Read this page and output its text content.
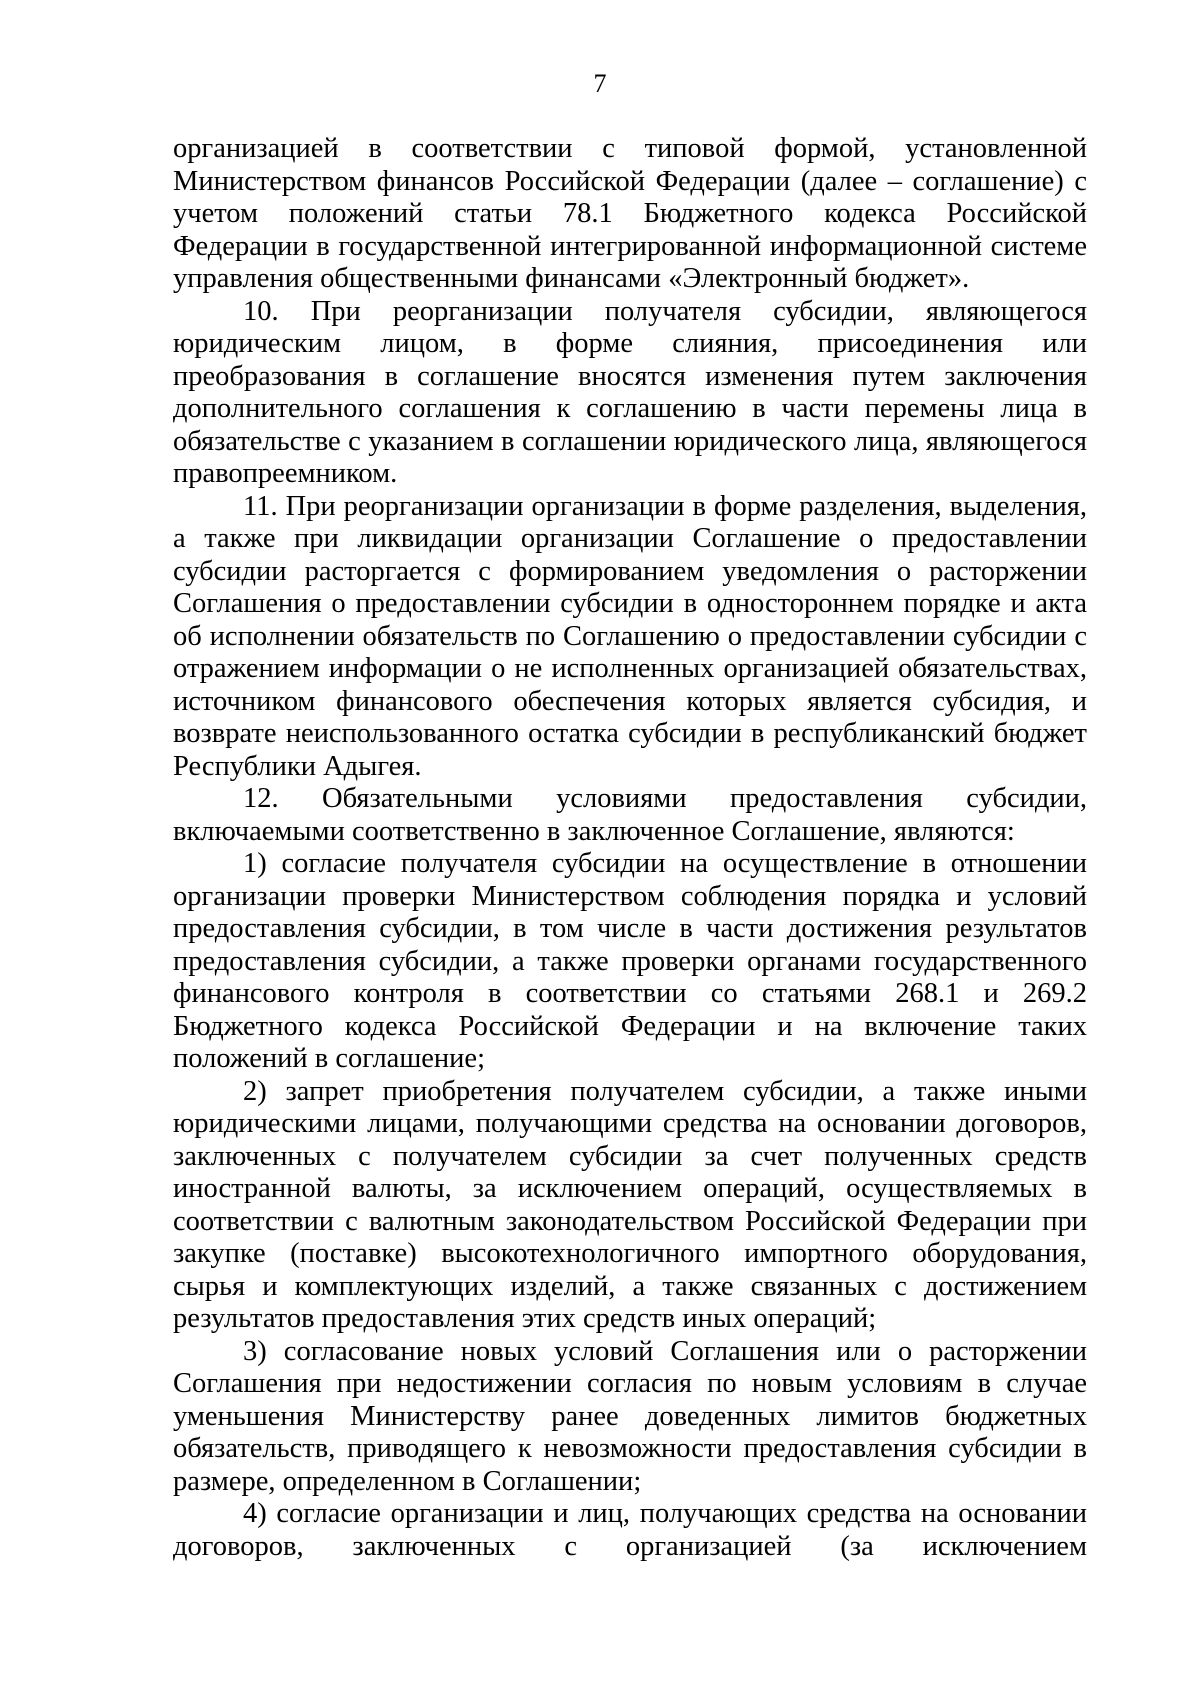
7

организацией в соответствии с типовой формой, установленной Министерством финансов Российской Федерации (далее – соглашение) с учетом положений статьи 78.1 Бюджетного кодекса Российской Федерации в государственной интегрированной информационной системе управления общественными финансами «Электронный бюджет».

10. При реорганизации получателя субсидии, являющегося юридическим лицом, в форме слияния, присоединения или преобразования в соглашение вносятся изменения путем заключения дополнительного соглашения к соглашению в части перемены лица в обязательстве с указанием в соглашении юридического лица, являющегося правопреемником.

11. При реорганизации организации в форме разделения, выделения, а также при ликвидации организации Соглашение о предоставлении субсидии расторгается с формированием уведомления о расторжении Соглашения о предоставлении субсидии в одностороннем порядке и акта об исполнении обязательств по Соглашению о предоставлении субсидии с отражением информации о не исполненных организацией обязательствах, источником финансового обеспечения которых является субсидия, и возврате неиспользованного остатка субсидии в республиканский бюджет Республики Адыгея.

12. Обязательными условиями предоставления субсидии, включаемыми соответственно в заключенное Соглашение, являются:

1) согласие получателя субсидии на осуществление в отношении организации проверки Министерством соблюдения порядка и условий предоставления субсидии, в том числе в части достижения результатов предоставления субсидии, а также проверки органами государственного финансового контроля в соответствии со статьями 268.1 и 269.2 Бюджетного кодекса Российской Федерации и на включение таких положений в соглашение;

2) запрет приобретения получателем субсидии, а также иными юридическими лицами, получающими средства на основании договоров, заключенных с получателем субсидии за счет полученных средств иностранной валюты, за исключением операций, осуществляемых в соответствии с валютным законодательством Российской Федерации при закупке (поставке) высокотехнологичного импортного оборудования, сырья и комплектующих изделий, а также связанных с достижением результатов предоставления этих средств иных операций;

3) согласование новых условий Соглашения или о расторжении Соглашения при недостижении согласия по новым условиям в случае уменьшения Министерству ранее доведенных лимитов бюджетных обязательств, приводящего к невозможности предоставления субсидии в размере, определенном в Соглашении;

4) согласие организации и лиц, получающих средства на основании договоров, заключенных с организацией (за исключением
